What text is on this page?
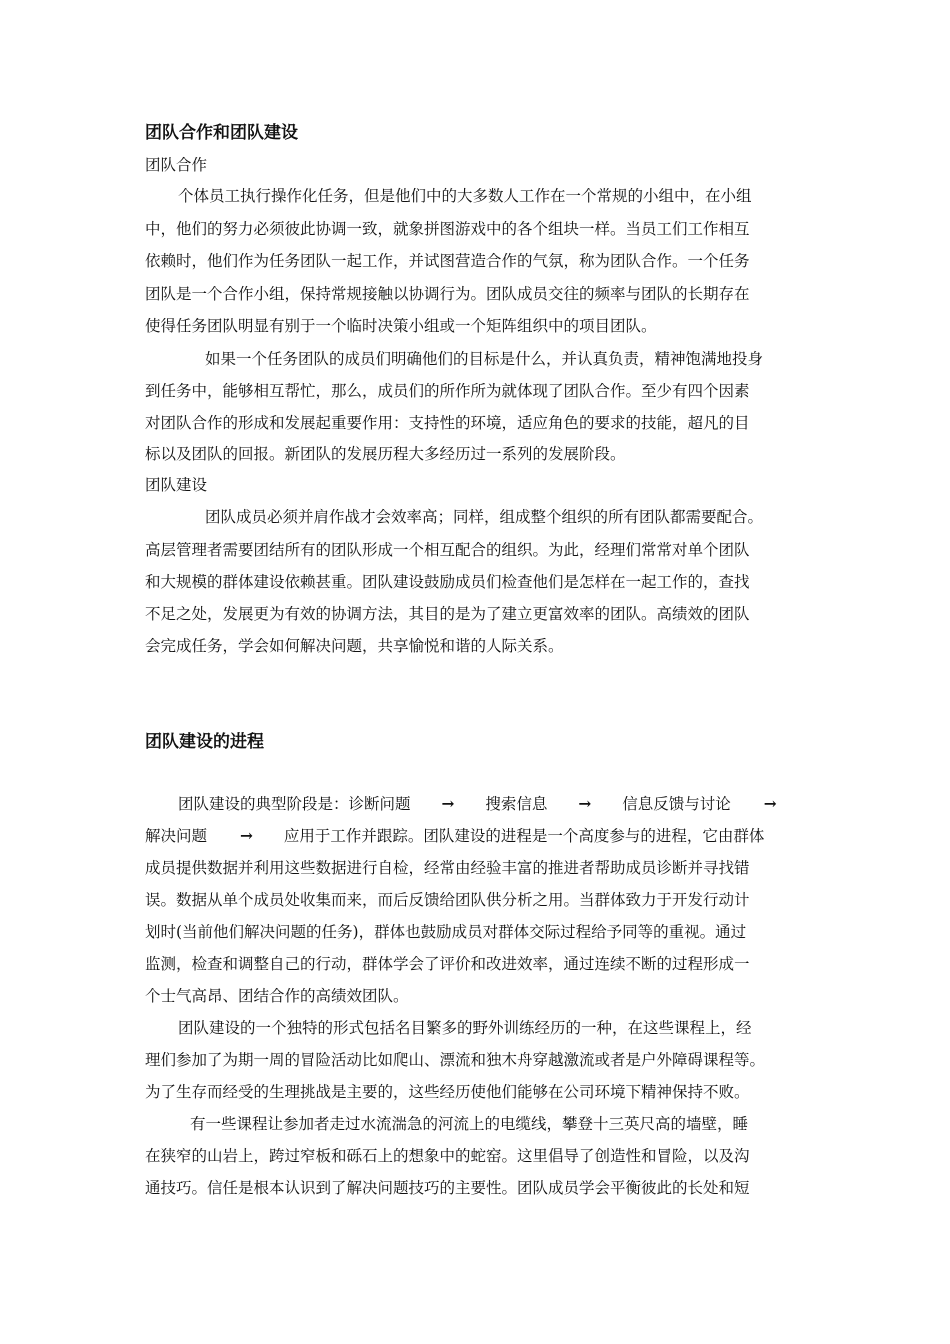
团队合作和团队建设
团队合作
个体员工执行操作化任务，但是他们中的大多数人工作在一个常规的小组中，在小组
中，他们的努力必须彼此协调一致，就象拼图游戏中的各个组块一样。当员工们工作相互
依赖时，他们作为任务团队一起工作，并试图营造合作的气氛，称为团队合作。一个任务
团队是一个合作小组，保持常规接触以协调行为。团队成员交往的频率与团队的长期存在
使得任务团队明显有别于一个临时决策小组或一个矩阵组织中的项目团队。
如果一个任务团队的成员们明确他们的目标是什么，并认真负责，精神饱满地投身
到任务中，能够相互帮忙，那么，成员们的所作所为就体现了团队合作。至少有四个因素
对团队合作的形成和发展起重要作用：支持性的环境，适应角色的要求的技能，超凡的目
标以及团队的回报。新团队的发展历程大多经历过一系列的发展阶段。
团队建设
团队成员必须并肩作战才会效率高；同样，组成整个组织的所有团队都需要配合。
高层管理者需要团结所有的团队形成一个相互配合的组织。为此，经理们常常对单个团队
和大规模的群体建设依赖甚重。团队建设鼓励成员们检查他们是怎样在一起工作的，查找
不足之处，发展更为有效的协调方法，其目的是为了建立更富效率的团队。高绩效的团队
会完成任务，学会如何解决问题，共享愉悦和谐的人际关系。
团队建设的进程
团队建设的典型阶段是：诊断问题 → 搜索信息 → 信息反馈与讨论 →
解决问题 → 应用于工作并跟踪。团队建设的进程是一个高度参与的进程，它由群体
成员提供数据并利用这些数据进行自检，经常由经验丰富的推进者帮助成员诊断并寻找错
误。数据从单个成员处收集而来，而后反馈给团队供分析之用。当群体致力于开发行动计
划时(当前他们解决问题的任务)，群体也鼓励成员对群体交际过程给予同等的重视。通过
监测，检查和调整自己的行动，群体学会了评价和改进效率，通过连续不断的过程形成一
个士气高昂、团结合作的高绩效团队。
团队建设的一个独特的形式包括名目繁多的野外训练经历的一种，在这些课程上，经
理们参加了为期一周的冒险活动比如爬山、漂流和独木舟穿越激流或者是户外障碍课程等。
为了生存而经受的生理挑战是主要的，这些经历使他们能够在公司环境下精神保持不败。
有一些课程让参加者走过水流湍急的河流上的电缆线，攀登十三英尺高的墙壁，睡
在狭窄的山岩上，跨过窄板和砾石上的想象中的蛇窑。这里倡导了创造性和冒险，以及沟
通技巧。信任是根本认识到了解决问题技巧的主要性。团队成员学会平衡彼此的长处和短
